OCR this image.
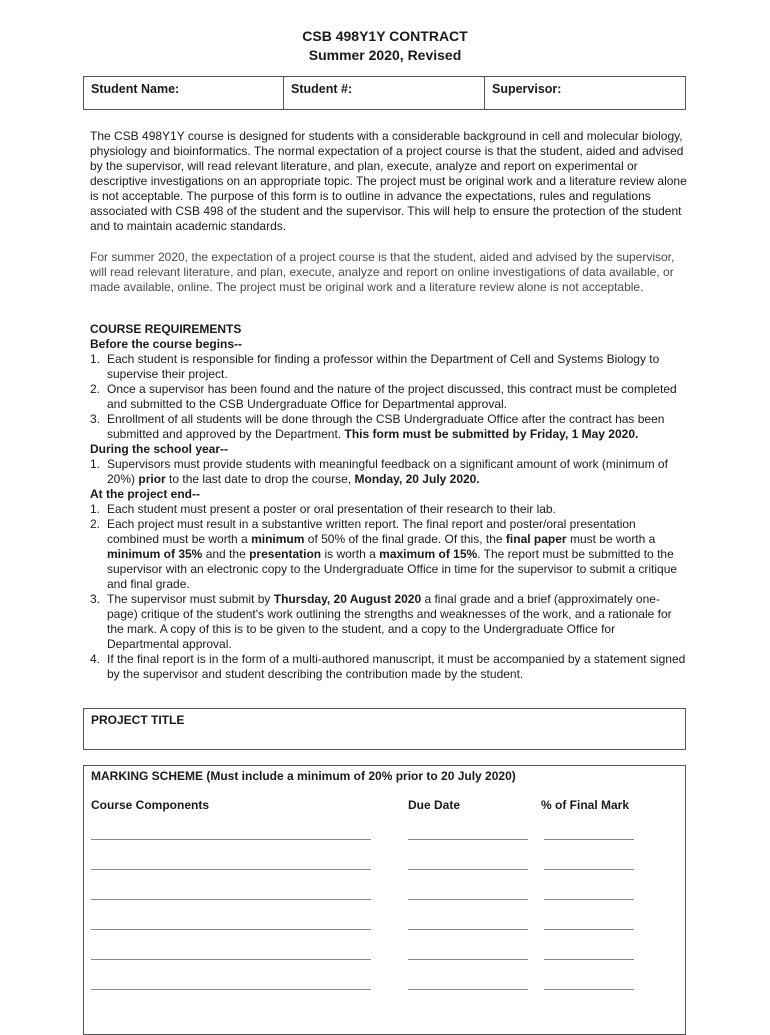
CSB 498Y1Y CONTRACT
Summer 2020, Revised
Student Name:	Student #:	Supervisor:

The CSB 498Y1Y course is designed for students with a considerable background in cell and molecular biology, physiology and bioinformatics. The normal expectation of a project course is that the student, aided and advised by the supervisor, will read relevant literature, and plan, execute, analyze and report on experimental or descriptive investigations on an appropriate topic. The project must be original work and a literature review alone is not acceptable. The purpose of this form is to outline in advance the expectations, rules and regulations associated with CSB 498 of the student and the supervisor. This will help to ensure the protection of the student and to maintain academic standards.

For summer 2020, the expectation of a project course is that the student, aided and advised by the supervisor, will read relevant literature, and plan, execute, analyze and report on online investigations of data available, or made available, online. The project must be original work and a literature review alone is not acceptable.

COURSE REQUIREMENTS
Before the course begins--
1. Each student is responsible for finding a professor within the Department of Cell and Systems Biology to supervise their project.
2. Once a supervisor has been found and the nature of the project discussed, this contract must be completed and submitted to the CSB Undergraduate Office for Departmental approval.
3. Enrollment of all students will be done through the CSB Undergraduate Office after the contract has been submitted and approved by the Department. This form must be submitted by Friday, 1 May 2020.
During the school year--
1. Supervisors must provide students with meaningful feedback on a significant amount of work (minimum of 20%) prior to the last date to drop the course, Monday, 20 July 2020.
At the project end--
1. Each student must present a poster or oral presentation of their research to their lab.
2. Each project must result in a substantive written report. The final report and poster/oral presentation combined must be worth a minimum of 50% of the final grade. Of this, the final paper must be worth a minimum of 35% and the presentation is worth a maximum of 15%. The report must be submitted to the supervisor with an electronic copy to the Undergraduate Office in time for the supervisor to submit a critique and final grade.
3. The supervisor must submit by Thursday, 20 August 2020 a final grade and a brief (approximately one-page) critique of the student's work outlining the strengths and weaknesses of the work, and a rationale for the mark. A copy of this is to be given to the student, and a copy to the Undergraduate Office for Departmental approval.
4. If the final report is in the form of a multi-authored manuscript, it must be accompanied by a statement signed by the supervisor and student describing the contribution made by the student.
PROJECT TITLE
MARKING SCHEME (Must include a minimum of 20% prior to 20 July 2020)
Course Components	Due Date	% of Final Mark
